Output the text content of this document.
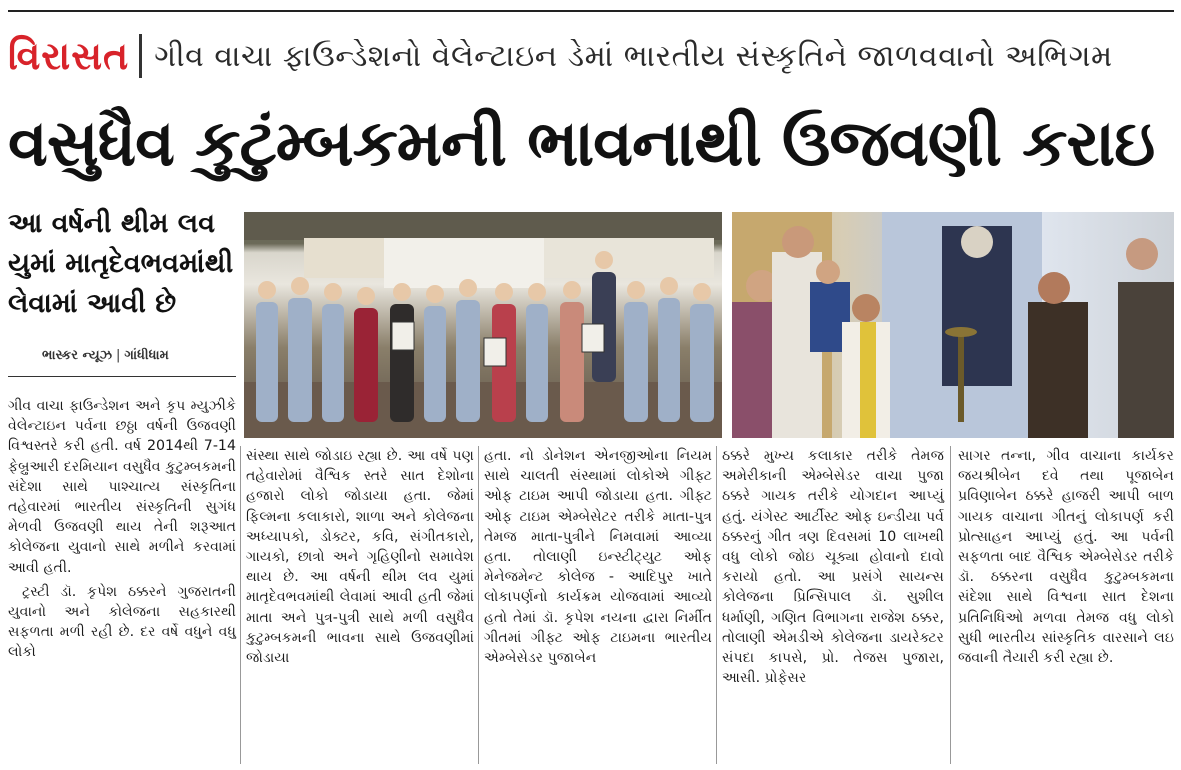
વિરાસત ગીવ વાચા ફાઉન્ડેશનો વેલેન્ટાઇન ડેમાં ભારતીય સંસ્કૃતિને જાળવવાનો અભિગમ
વસુધૈવ કુટુંમ્બકમની ભાવનાથી ઉજવણી કરાઇ
આ વર્ષની થીમ લવ યુમાં માતૃદેવભવમાંથી લેવામાં આવી છે
ભાસ્કર ન્યૂઝ | ગાંધીધામ

ગીવ વાચા ફાઉન્ડેશન અને કૃપ મ્યુઝીકે વેલેન્ટાઇન પર્વના છઠ્ઠા વર્ષની ઉજવણી વિશ્વસ્તરે કરી હતી. વર્ષ 2014થી 7-14 ફેબ્રુઆરી દરમિયાન વસુધૈવ કુટુમ્બકમની સંદેશા સાથે પાશ્ચાત્ય સંસ્કૃતિના તહેવારમાં ભારતીય સંસ્કૃતિની સુગંધ મેળવી ઉજવણી થાય તેની શરૂઆત કોલેજના યુવાનો સાથે મળીને કરવામાં આવી હતી.

ટ્રસ્ટી ડૉ. કૃપેશ ઠક્કરને ગુજરાતની યુવાનો અને કોલેજના સહકારથી સફળતા મળી રહી છે. દર વર્ષે વધુને વધુ લોકો

સંસ્થા સાથે જોડાઇ રહ્યા છે. આ વર્ષે પણ તહેવારોમાં વૈશ્વિક સ્તરે સાત દેશોના હજારો લોકો જોડાયા હતા. જેમાં ફિલ્મના કલાકારો, શાળા અને કોલેજના અધ્યાપકો, ડોક્ટર, કવિ, સંગીતકારો, ગાયકો, છાત્રો અને ગૃહિણીનો સમાવેશ થાય છે. આ વર્ષની થીમ લવ યુમાં માતૃદેવભવમાંથી લેવામાં આવી હતી જેમાં માતા અને પુત્ર-પુત્રી સાથે મળી વસુધૈવ કુટુમ્બકમની ભાવના સાથે ઉજવણીમાં જોડાયા

હતા. નો ડોનેશન એનજીઓના નિયમ સાથે ચાલતી સંસ્થામાં લોકોએ ગીફ્ટ ઓફ ટાઇમ આપી જોડાયા હતા. ગીફ્ટ ઓફ ટાઇમ એમ્બેસેટર તરીકે માતા-પુત્ર તેમજ માતા-પુત્રીને નિમવામાં આવ્યા હતા. તોલાણી ઇન્સ્ટીટ્યુટ ઓફ મેનેજમેન્ટ કોલેજ - આદિપુર ખાતે લોકાપર્ણનો કાર્યક્રમ યોજવામાં આવ્યો હતો તેમાં ડૉ. કૃપેશ નયના દ્વારા નિર્મીત ગીતમાં ગીફ્ટ ઓફ ટાઇમના ભારતીય એમ્બેસેડર પુજાબેન

ઠક્કરે મુખ્ય કલાકાર તરીકે તેમજ અમેરીકાની એમ્બેસેડર વાચા પુજા ઠક્કરે ગાયક તરીકે યોગદાન આપ્યું હતું. યંગેસ્ટ આર્ટીસ્ટ ઓફ ઇન્ડીયા પર્વ ઠક્કરનું ગીત ત્રણ દિવસમાં 10 લાખથી વધુ લોકો જોઇ ચૂક્યા હોવાનો દાવો કરાયો હતો. આ પ્રસંગે સાયન્સ કોલેજના પ્રિન્સિપાલ ડૉ. સુશીલ ધર્માણી, ગણિત વિભાગના રાજેશ ઠક્કર, તોલાણી એમડીએ કોલેજના ડાયરેક્ટર સંપદા કાપસે, પ્રો. તેજસ પુજારા, આસી. પ્રોફેસર

સાગર તન્ના, ગીવ વાચાના કાર્યકર જયશ્રીબેન દવે તથા પૂજાબેન પ્રવિણાબેન ઠક્કરે હાજરી આપી બાળ ગાયક વાચાના ગીતનું લોકાપર્ણ કરી પ્રોત્સાહન આપ્યું હતું. આ પર્વની સફળતા બાદ વૈશ્વિક એમ્બેસેડર તરીકે ડૉ. ઠક્કરના વસુધૈવ કુટુમ્બકમના સંદેશા સાથે વિશ્વના સાત દેશના પ્રતિનિધિઓ મળવા તેમજ વધુ લોકો સુધી ભારતીય સાંસ્કૃતિક વારસાને લઇ જવાની તૈયારી કરી રહ્યા છે.
